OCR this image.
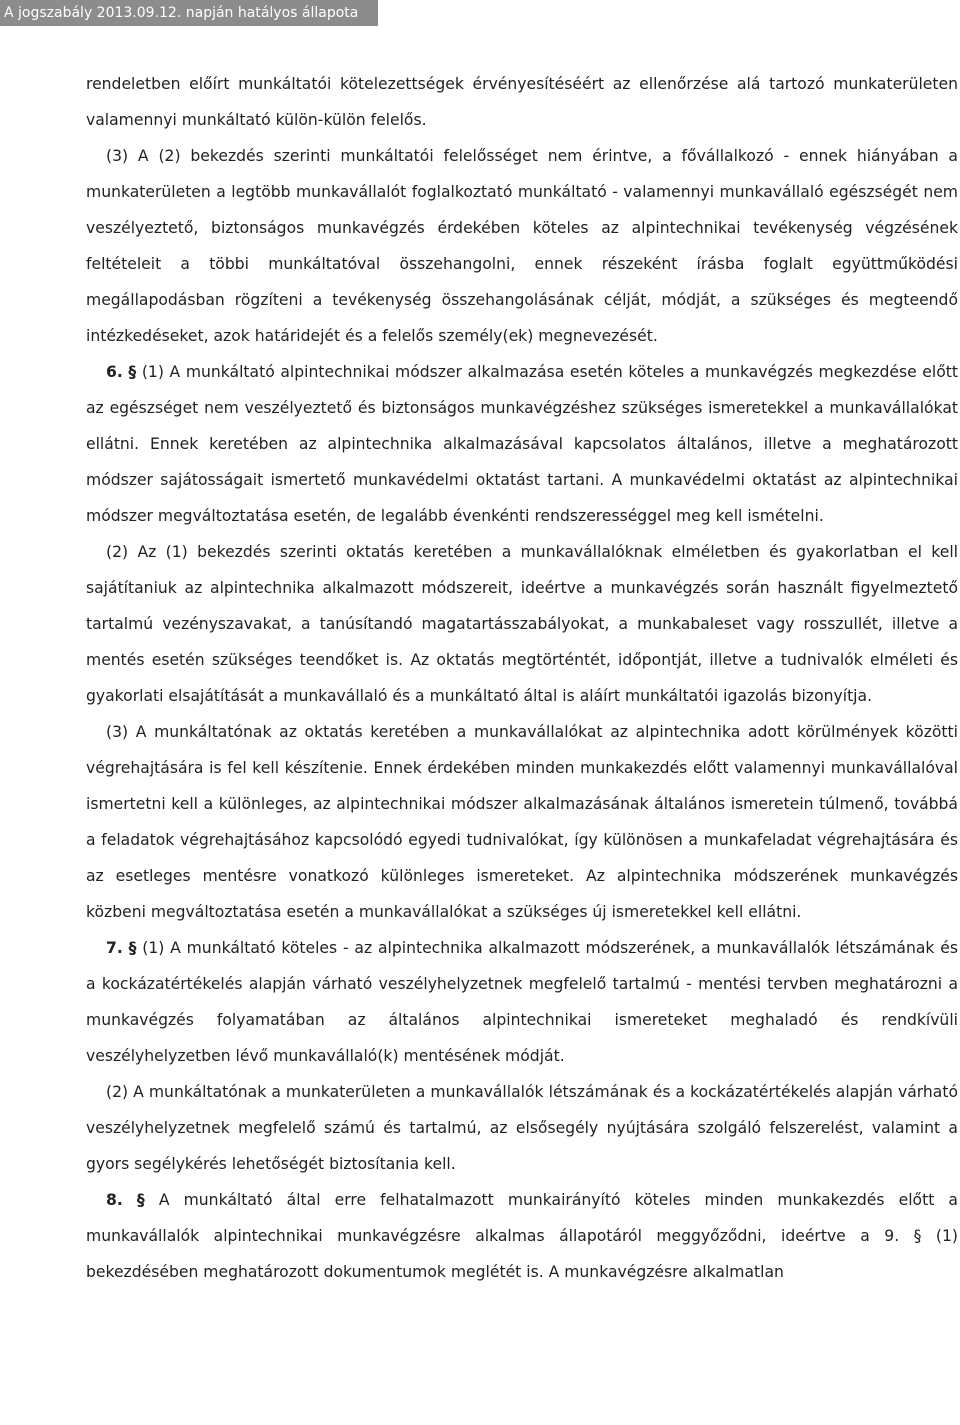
A jogszabály 2013.09.12. napján hatályos állapota

rendeletben előírt munkáltatói kötelezettségek érvényesítéséért az ellenőrzése alá tartozó munkaterületen valamennyi munkáltató külön-külön felelős.

(3) A (2) bekezdés szerinti munkáltatói felelősséget nem érintve, a fővállalkozó - ennek hiányában a munkaterületen a legtöbb munkavállalót foglalkoztató munkáltató - valamennyi munkavállaló egészségét nem veszélyeztető, biztonságos munkavégzés érdekében köteles az alpintechnikai tevékenység végzésének feltételeit a többi munkáltatóval összehangolni, ennek részeként írásba foglalt együttműködési megállapodásban rögzíteni a tevékenység összehangolásának célját, módját, a szükséges és megteendő intézkedéseket, azok határidejét és a felelős személy(ek) megnevezését.

6. § (1) A munkáltató alpintechnikai módszer alkalmazása esetén köteles a munkavégzés megkezdése előtt az egészséget nem veszélyeztető és biztonságos munkavégzéshez szükséges ismeretekkel a munkavállalókat ellátni. Ennek keretében az alpintechnika alkalmazásával kapcsolatos általános, illetve a meghatározott módszer sajátosságait ismertető munkavédelmi oktatást tartani. A munkavédelmi oktatást az alpintechnikai módszer megváltoztatása esetén, de legalább évenkénti rendszerességgel meg kell ismételni.

(2) Az (1) bekezdés szerinti oktatás keretében a munkavállalóknak elméletben és gyakorlatban el kell sajátítaniuk az alpintechnika alkalmazott módszereit, ideértve a munkavégzés során használt figyelmeztető tartalmú vezényszavakat, a tanúsítandó magatartásszabályokat, a munkabaleset vagy rosszullét, illetve a mentés esetén szükséges teendőket is. Az oktatás megtörténtét, időpontját, illetve a tudnivalók elméleti és gyakorlati elsajátítását a munkavállaló és a munkáltató által is aláírt munkáltatói igazolás bizonyítja.

(3) A munkáltatónak az oktatás keretében a munkavállalókat az alpintechnika adott körülmények közötti végrehajtására is fel kell készítenie. Ennek érdekében minden munkakezdés előtt valamennyi munkavállalóval ismertetni kell a különleges, az alpintechnikai módszer alkalmazásának általános ismeretein túlmenő, továbbá a feladatok végrehajtásához kapcsolódó egyedi tudnivalókat, így különösen a munkafeladat végrehajtására és az esetleges mentésre vonatkozó különleges ismereteket. Az alpintechnika módszerének munkavégzés közbeni megváltoztatása esetén a munkavállalókat a szükséges új ismeretekkel kell ellátni.

7. § (1) A munkáltató köteles - az alpintechnika alkalmazott módszerének, a munkavállalók létszámának és a kockázatértékelés alapján várható veszélyhelyzetnek megfelelő tartalmú - mentési tervben meghatározni a munkavégzés folyamatában az általános alpintechnikai ismereteket meghaladó és rendkívüli veszélyhelyzetben lévő munkavállaló(k) mentésének módját.

(2) A munkáltatónak a munkaterületen a munkavállalók létszámának és a kockázatértékelés alapján várható veszélyhelyzetnek megfelelő számú és tartalmú, az elsősegély nyújtására szolgáló felszerelést, valamint a gyors segélykérés lehetőségét biztosítania kell.

8. § A munkáltató által erre felhatalmazott munkairányító köteles minden munkakezdés előtt a munkavállalók alpintechnikai munkavégzésre alkalmas állapotáról meggyőződni, ideértve a 9. § (1) bekezdésében meghatározott dokumentumok meglétét is. A munkavégzésre alkalmatlan
